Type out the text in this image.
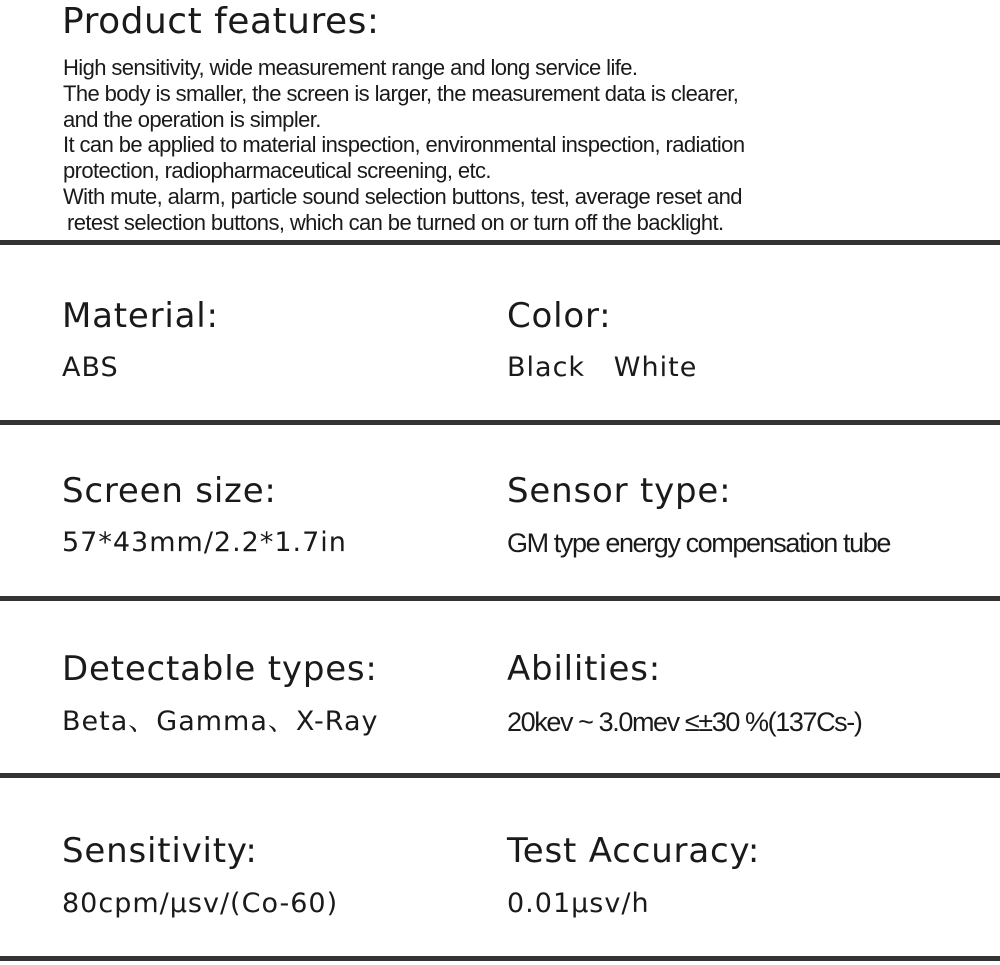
Product features:
High sensitivity, wide measurement range and long service life.
The body is smaller, the screen is larger, the measurement data is clearer,
and the operation is simpler.
It can be applied to material inspection, environmental inspection, radiation
protection, radiopharmaceutical screening, etc.
With mute, alarm, particle sound selection buttons, test, average reset and
retest selection buttons, which can be turned on or turn off the backlight.
Material:
ABS
Color:
Black   White
Screen size:
57*43mm/2.2*1.7in
Sensor type:
GM type energy compensation tube
Detectable types:
Beta、Gamma、X-Ray
Abilities:
20kev ~ 3.0mev ≤±30 %(137Cs-)
Sensitivity:
80cpm/μsv/(Co-60)
Test Accuracy:
0.01μsv/h
